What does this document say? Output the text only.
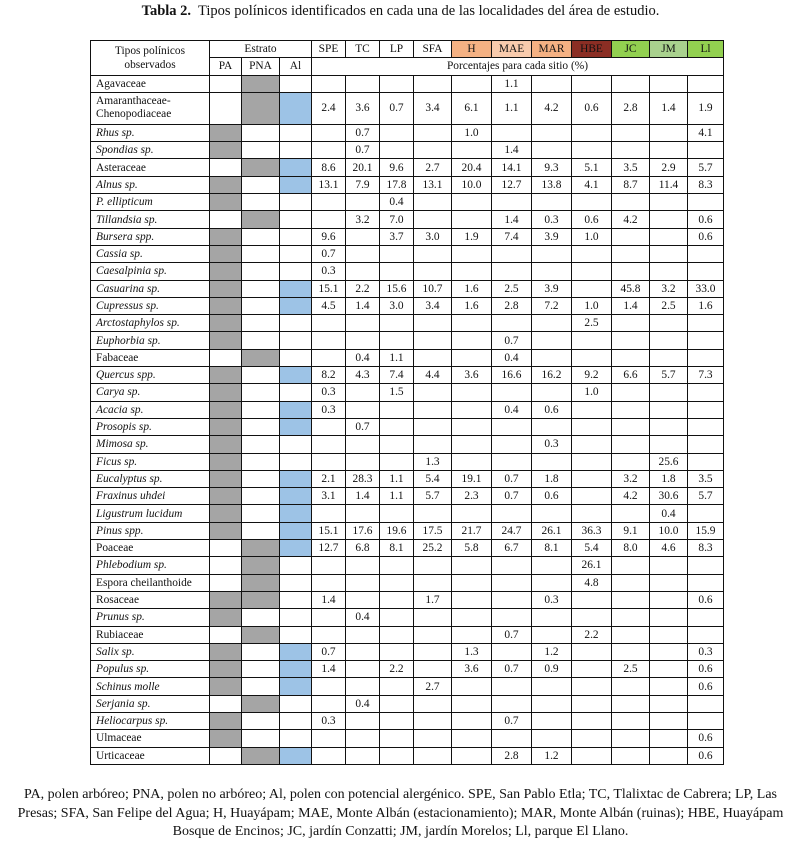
Tabla 2. Tipos polínicos identificados en cada una de las localidades del área de estudio.
Tipos polínicos observados	Estrato			SPE	TC	LP	SFA	H	MAE	MAR	HBE	JC	JM	Ll
	PA	PNA	Al	Porcentajes para cada sitio (%)										
Agavaceae									1.1					
Amaranthaceae-Chenopodiaceae				2.4	3.6	0.7	3.4	6.1	1.1	4.2	0.6	2.8	1.4	1.9
Rhus sp.					0.7			1.0						4.1
Spondias sp.					0.7				1.4					
Asteraceae				8.6	20.1	9.6	2.7	20.4	14.1	9.3	5.1	3.5	2.9	5.7
Alnus sp.				13.1	7.9	17.8	13.1	10.0	12.7	13.8	4.1	8.7	11.4	8.3
P. ellipticum						0.4								
Tillandsia sp.					3.2	7.0			1.4	0.3	0.6	4.2		0.6
Bursera spp.				9.6		3.7	3.0	1.9	7.4	3.9	1.0			0.6
Cassia sp.				0.7										
Caesalpinia sp.				0.3										
Casuarina sp.				15.1	2.2	15.6	10.7	1.6	2.5	3.9		45.8	3.2	33.0
Cupressus sp.				4.5	1.4	3.0	3.4	1.6	2.8	7.2	1.0	1.4	2.5	1.6
Arctostaphylos sp.											2.5			
Euphorbia sp.									0.7					
Fabaceae					0.4	1.1			0.4					
Quercus spp.				8.2	4.3	7.4	4.4	3.6	16.6	16.2	9.2	6.6	5.7	7.3
Carya sp.				0.3		1.5					1.0			
Acacia sp.				0.3					0.4	0.6				
Prosopis sp.					0.7									
Mimosa sp.										0.3				
Ficus sp.							1.3						25.6	
Eucalyptus sp.				2.1	28.3	1.1	5.4	19.1	0.7	1.8		3.2	1.8	3.5
Fraxinus uhdei				3.1	1.4	1.1	5.7	2.3	0.7	0.6		4.2	30.6	5.7
Ligustrum lucidum													0.4	
Pinus spp.				15.1	17.6	19.6	17.5	21.7	24.7	26.1	36.3	9.1	10.0	15.9
Poaceae				12.7	6.8	8.1	25.2	5.8	6.7	8.1	5.4	8.0	4.6	8.3
Phlebodium sp.											26.1			
Espora cheilanthoide											4.8			
Rosaceae				1.4			1.7			0.3				0.6
Prunus sp.					0.4									
Rubiaceae									0.7		2.2			
Salix sp.				0.7				1.3		1.2				0.3
Populus sp.				1.4		2.2		3.6	0.7	0.9		2.5		0.6
Schinus molle							2.7							0.6
Serjania sp.					0.4									
Heliocarpus sp.				0.3					0.7					
Ulmaceae														0.6
Urticaceae									2.8	1.2				0.6
PA, polen arbóreo; PNA, polen no arbóreo; Al, polen con potencial alergénico. SPE, San Pablo Etla; TC, Tlalixtac de Cabrera; LP, Las Presas; SFA, San Felipe del Agua; H, Huayápam; MAE, Monte Albán (estacionamiento); MAR, Monte Albán (ruinas); HBE, Huayápam Bosque de Encinos; JC, jardín Conzatti; JM, jardín Morelos; Ll, parque El Llano.
